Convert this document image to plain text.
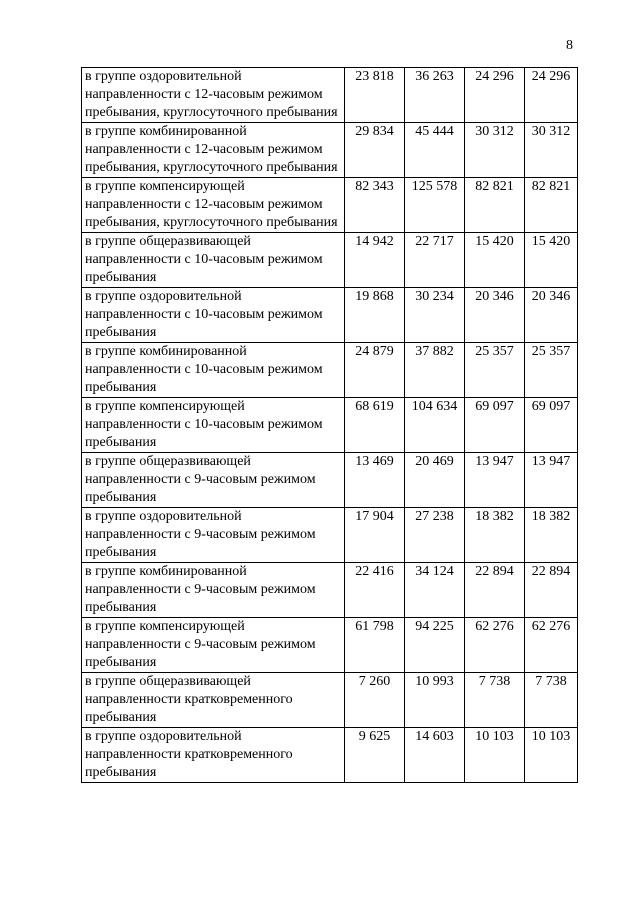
8
в группе оздоровительной направленности с 12-часовым режимом пребывания, круглосуточного пребывания	23 818	36 263	24 296	24 296
в группе комбинированной направленности с 12-часовым режимом пребывания, круглосуточного пребывания	29 834	45 444	30 312	30 312
в группе компенсирующей направленности с 12-часовым режимом пребывания, круглосуточного пребывания	82 343	125 578	82 821	82 821
в группе общеразвивающей направленности с 10-часовым режимом пребывания	14 942	22 717	15 420	15 420
в группе оздоровительной направленности с 10-часовым режимом пребывания	19 868	30 234	20 346	20 346
в группе комбинированной направленности с 10-часовым режимом пребывания	24 879	37 882	25 357	25 357
в группе компенсирующей направленности с 10-часовым режимом пребывания	68 619	104 634	69 097	69 097
в группе общеразвивающей направленности с 9-часовым режимом пребывания	13 469	20 469	13 947	13 947
в группе оздоровительной направленности с 9-часовым режимом пребывания	17 904	27 238	18 382	18 382
в группе комбинированной направленности с 9-часовым режимом пребывания	22 416	34 124	22 894	22 894
в группе компенсирующей направленности с 9-часовым режимом пребывания	61 798	94 225	62 276	62 276
в группе общеразвивающей направленности кратковременного пребывания	7 260	10 993	7 738	7 738
в группе оздоровительной направленности кратковременного пребывания	9 625	14 603	10 103	10 103
